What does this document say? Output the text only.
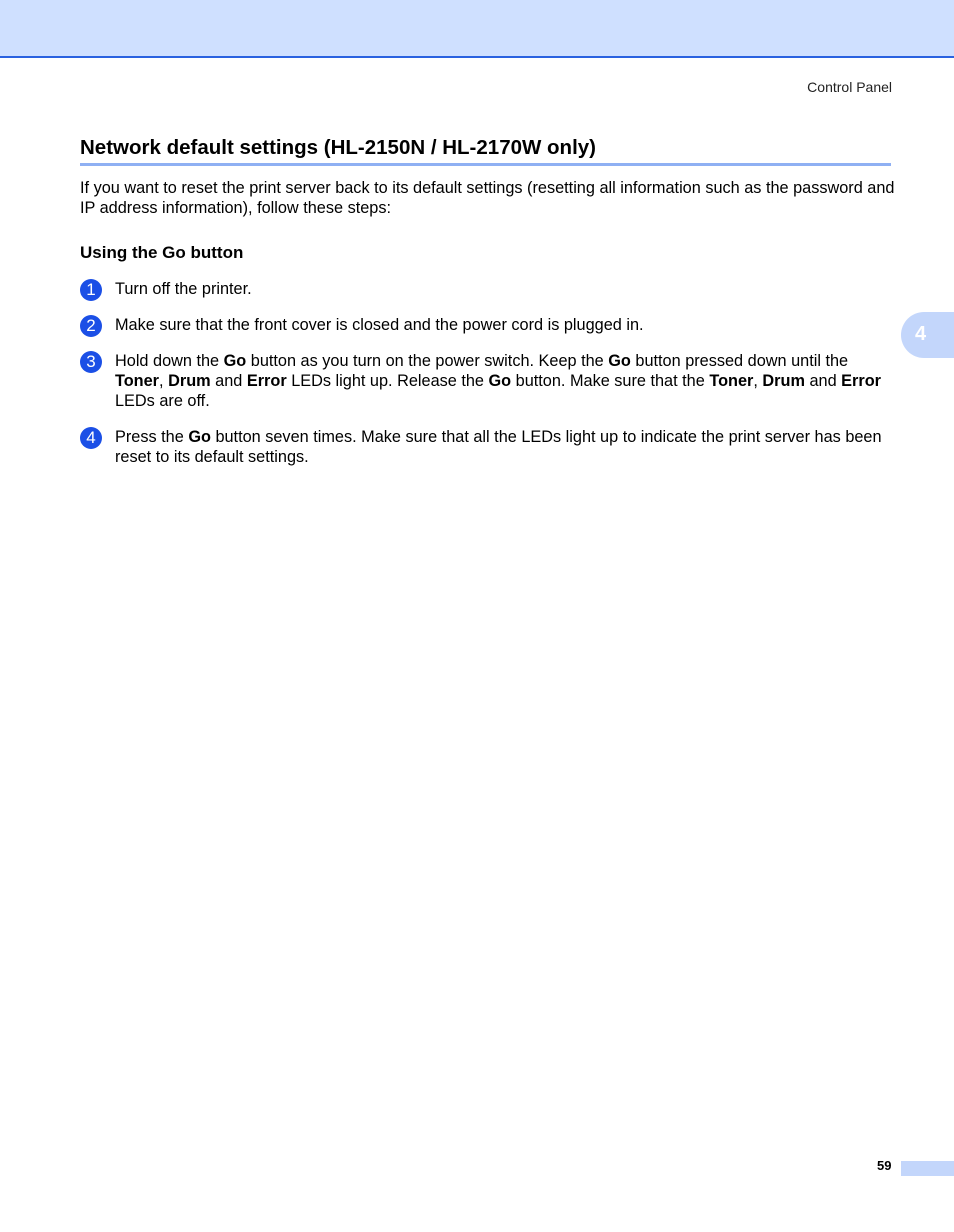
Control Panel
Network default settings (HL-2150N / HL-2170W only)

If you want to reset the print server back to its default settings (resetting all information such as the password and IP address information), follow these steps:

Using the Go button
1	Turn off the printer.

2	Make sure that the front cover is closed and the power cord is plugged in.

3	Hold down the Go button as you turn on the power switch. Keep the Go button pressed down until the Toner, Drum and Error LEDs light up. Release the Go button. Make sure that the Toner, Drum and Error LEDs are off.

4	Press the Go button seven times. Make sure that all the LEDs light up to indicate the print server has been reset to its default settings.

4
59
